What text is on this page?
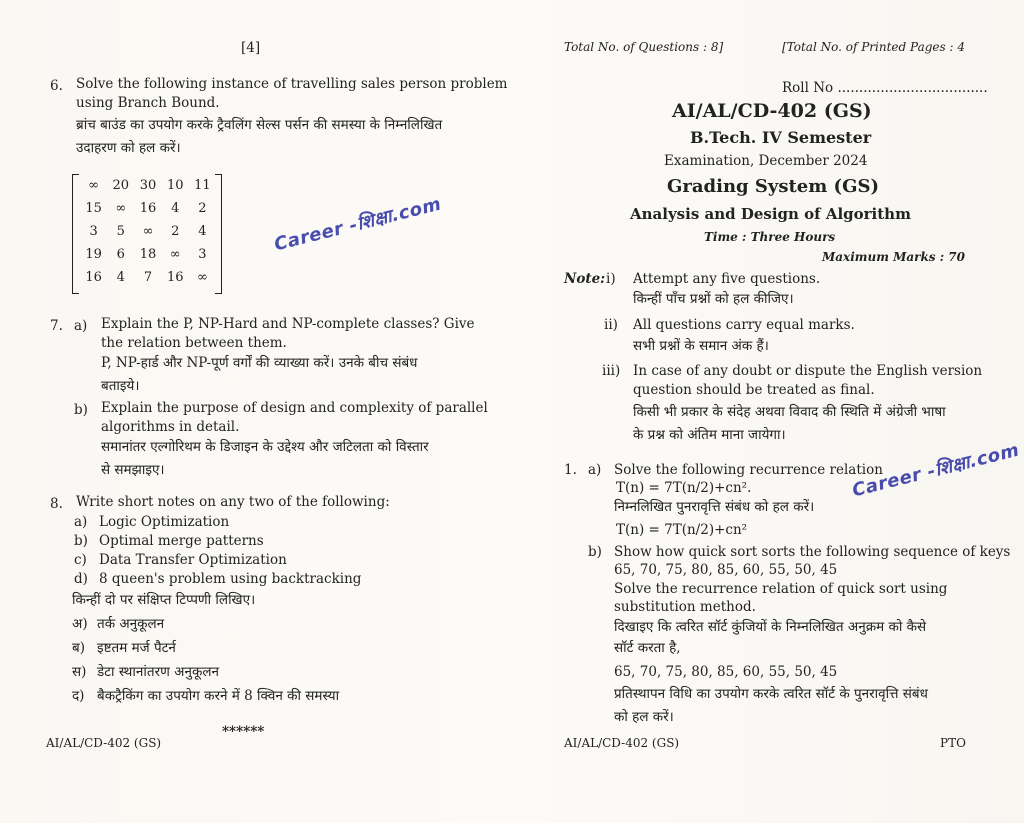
[4]
6. Solve the following instance of travelling sales person problem
using Branch Bound.
ब्रांच बाउंड का उपयोग करके ट्रैवलिंग सेल्स पर्सन की समस्या के निम्नलिखित
उदाहरण को हल करें।
∞	20 30 10 11
15	∞	16	4	2
3	5	∞	2	4
19	6	18	∞	3
16	4	7	16	∞
Career -शिक्षा.com
7. a) Explain the P, NP-Hard and NP-complete classes? Give
the relation between them.
P, NP-हार्ड और NP-पूर्ण वर्गों की व्याख्या करें। उनके बीच संबंध
बताइये।
b) Explain the purpose of design and complexity of parallel
algorithms in detail.
समानांतर एल्गोरिथम के डिजाइन के उद्देश्य और जटिलता को विस्तार
से समझाइए।
8. Write short notes on any two of the following:
a) Logic Optimization
b) Optimal merge patterns
c) Data Transfer Optimization
d) 8 queen's problem using backtracking
किन्हीं दो पर संक्षिप्त टिप्पणी लिखिए।
अ) तर्क अनुकूलन
ब) इष्टतम मर्ज पैटर्न
स) डेटा स्थानांतरण अनुकूलन
द) बैकट्रैकिंग का उपयोग करने में 8 क्विन की समस्या
******
AI/AL/CD-402 (GS)
Total No. of Questions : 8]	[Total No. of Printed Pages : 4
Roll No ...................................
AI/AL/CD-402 (GS)
B.Tech. IV Semester
Examination, December 2024
Grading System (GS)
Analysis and Design of Algorithm
Time : Three Hours
Maximum Marks : 70
Note: i) Attempt any five questions.
किन्हीं पाँच प्रश्नों को हल कीजिए।
ii) All questions carry equal marks.
सभी प्रश्नों के समान अंक हैं।
iii) In case of any doubt or dispute the English version
question should be treated as final.
किसी भी प्रकार के संदेह अथवा विवाद की स्थिति में अंग्रेजी भाषा
के प्रश्न को अंतिम माना जायेगा।
1. a) Solve the following recurrence relation
T(n) = 7T(n/2)+cn².
निम्नलिखित पुनरावृत्ति संबंध को हल करें।
T(n) = 7T(n/2)+cn²
Career -शिक्षा.com
b) Show how quick sort sorts the following sequence of keys
65, 70, 75, 80, 85, 60, 55, 50, 45
Solve the recurrence relation of quick sort using
substitution method.
दिखाइए कि त्वरित सॉर्ट कुंजियों के निम्नलिखित अनुक्रम को कैसे
सॉर्ट करता है,
65, 70, 75, 80, 85, 60, 55, 50, 45
प्रतिस्थापन विधि का उपयोग करके त्वरित सॉर्ट के पुनरावृत्ति संबंध
को हल करें।
AI/AL/CD-402 (GS)	PTO
